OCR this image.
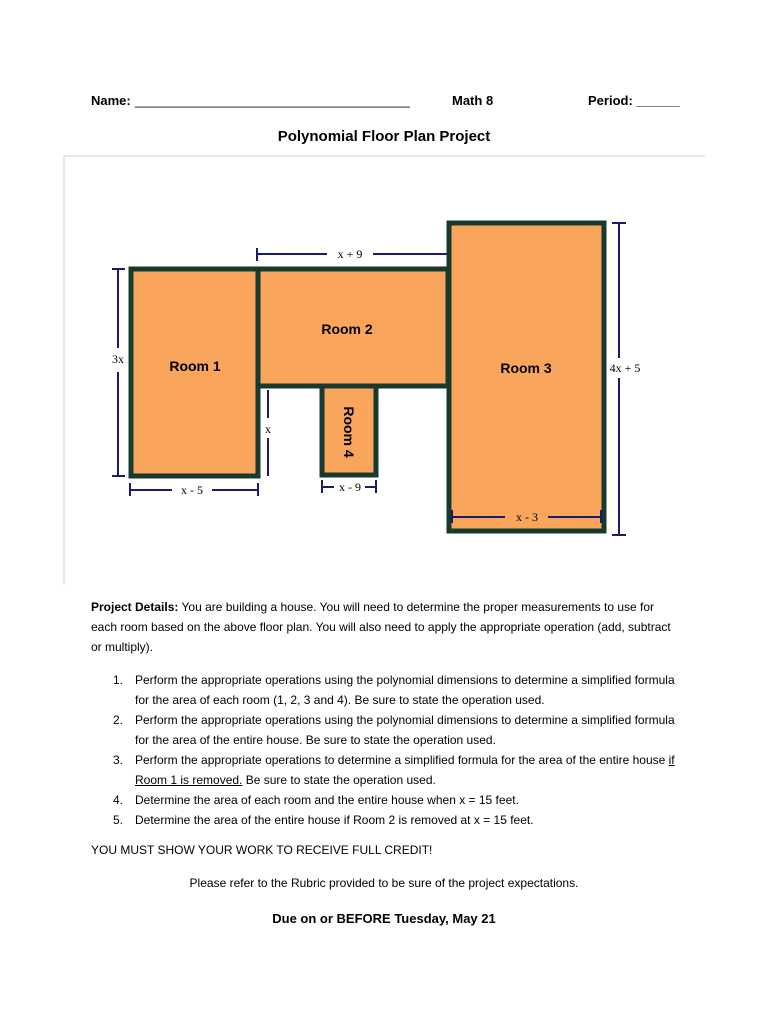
Name: ______________________________________	Math 8	Period: ______
Polynomial Floor Plan Project
Room 1
Room 2
Room 3
Room 4
x + 9
3x
x - 5
x
x - 9
x - 3
4x + 5
Project Details: You are building a house. You will need to determine the proper measurements to use for each room based on the above floor plan. You will also need to apply the appropriate operation (add, subtract or multiply).
1. Perform the appropriate operations using the polynomial dimensions to determine a simplified formula for the area of each room (1, 2, 3 and 4). Be sure to state the operation used.
2. Perform the appropriate operations using the polynomial dimensions to determine a simplified formula for the area of the entire house. Be sure to state the operation used.
3. Perform the appropriate operations to determine a simplified formula for the area of the entire house if Room 1 is removed. Be sure to state the operation used.
4. Determine the area of each room and the entire house when x = 15 feet.
5. Determine the area of the entire house if Room 2 is removed at x = 15 feet.
YOU MUST SHOW YOUR WORK TO RECEIVE FULL CREDIT!
Please refer to the Rubric provided to be sure of the project expectations.
Due on or BEFORE Tuesday, May 21
